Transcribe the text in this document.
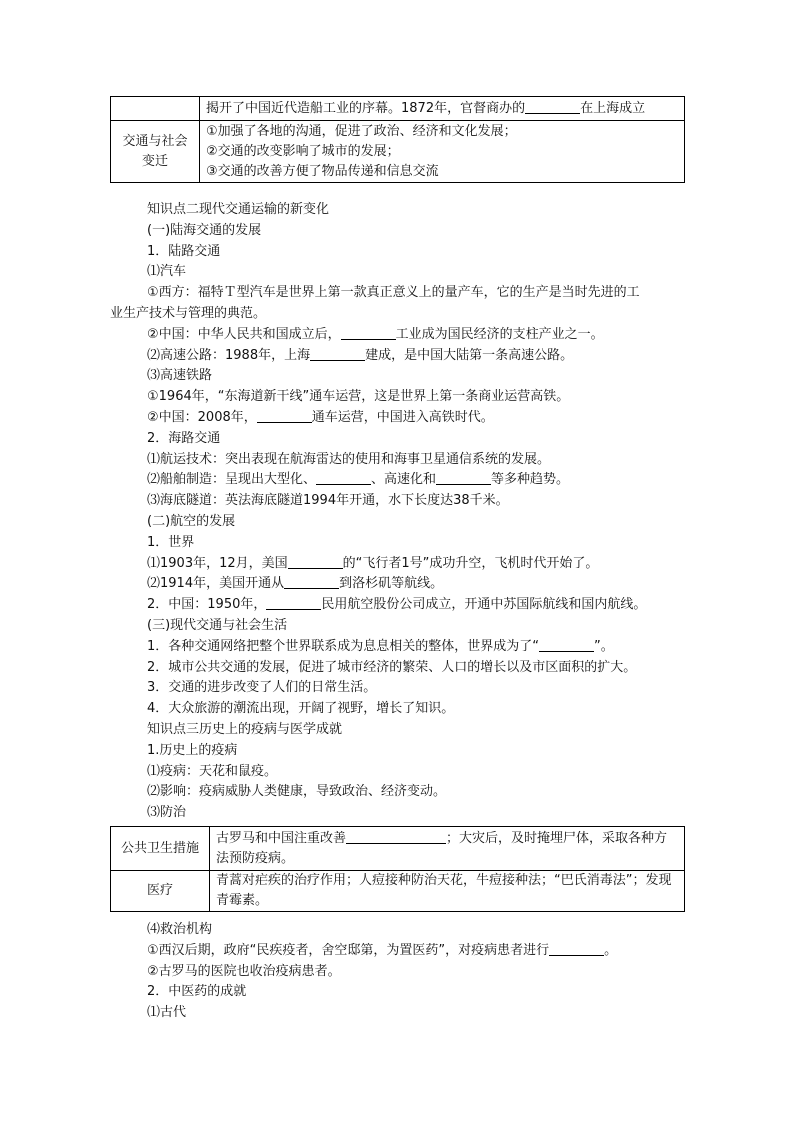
	揭开了中国近代造船工业的序幕。1872年，官督商办的 在上海成立
交通与社会变迁	①加强了各地的沟通，促进了政治、经济和文化发展；
②交通的改变影响了城市的发展；
③交通的改善方便了物品传递和信息交流

知识点二现代交通运输的新变化

(一)陆海交通的发展

1．陆路交通

⑴汽车

①西方：福特Ｔ型汽车是世界上第一款真正意义上的量产车，它的生产是当时先进的工

业生产技术与管理的典范。

②中国：中华人民共和国成立后，	工业成为国民经济的支柱产业之一。

⑵高速公路：1988年，上海	建成，是中国大陆第一条高速公路。

⑶高速铁路

①1964年，“东海道新干线”通车运营，这是世界上第一条商业运营高铁。

②中国：2008年，	通车运营，中国进入高铁时代。

2．海路交通

⑴航运技术：突出表现在航海雷达的使用和海事卫星通信系统的发展。

⑵船舶制造：呈现出大型化、	、高速化和	等多种趋势。

⑶海底隧道：英法海底隧道1994年开通，水下长度达38千米。

(二)航空的发展

1．世界

⑴1903年，12月，美国	的“飞行者1号”成功升空，飞机时代开始了。

⑵1914年，美国开通从	到洛杉矶等航线。

2．中国：1950年，	民用航空股份公司成立，开通中苏国际航线和国内航线。

(三)现代交通与社会生活

1．各种交通网络把整个世界联系成为息息相关的整体，世界成为了“	”。

2．城市公共交通的发展，促进了城市经济的繁荣、人口的增长以及市区面积的扩大。

3．交通的进步改变了人们的日常生活。

4．大众旅游的潮流出现，开阔了视野，增长了知识。

知识点三历史上的疫病与医学成就

1.历史上的疫病

⑴疫病：天花和鼠疫。

⑵影响：疫病威胁人类健康，导致政治、经济变动。

⑶防治

公共卫生措施	古罗马和中国注重改善 ；大灾后，及时掩埋尸体，采取各种方法预防疫病。
医疗	青蒿对疟疾的治疗作用；人痘接种防治天花，牛痘接种法；“巴氏消毒法”；发现青霉素。

⑷救治机构

①西汉后期，政府“民疾疫者，舍空邸第，为置医药”，对疫病患者进行	。

②古罗马的医院也收治疫病患者。

2．中医药的成就

⑴古代
